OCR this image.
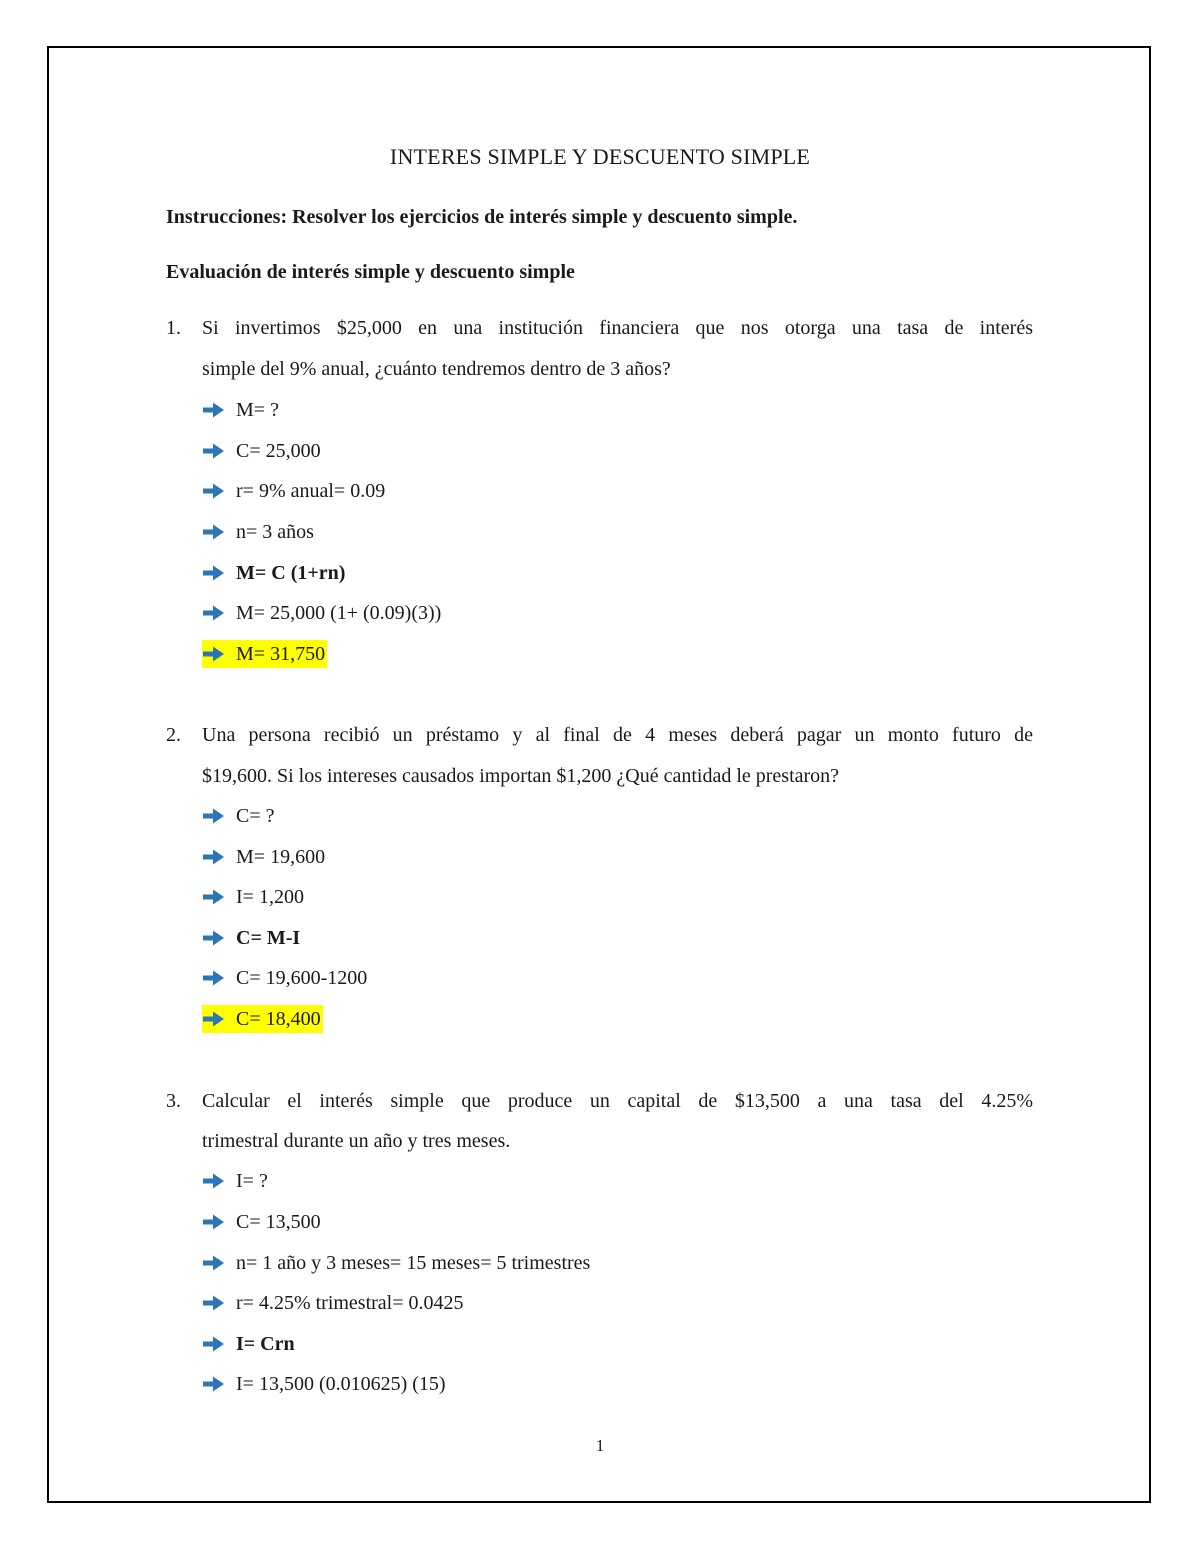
INTERES SIMPLE Y DESCUENTO SIMPLE
Instrucciones: Resolver los ejercicios de interés simple y descuento simple.
Evaluación de interés simple y descuento simple
1. Si invertimos $25,000 en una institución financiera que nos otorga una tasa de interés
simple del 9% anual, ¿cuánto tendremos dentro de 3 años?
M= ?
C= 25,000
r= 9% anual= 0.09
n= 3 años
M= C (1+rn)
M= 25,000 (1+ (0.09)(3))
M= 31,750
2. Una persona recibió un préstamo y al final de 4 meses deberá pagar un monto futuro de
$19,600. Si los intereses causados importan $1,200 ¿Qué cantidad le prestaron?
C= ?
M= 19,600
I= 1,200
C= M-I
C= 19,600-1200
C= 18,400
3. Calcular el interés simple que produce un capital de $13,500 a una tasa del 4.25%
trimestral durante un año y tres meses.
I= ?
C= 13,500
n= 1 año y 3 meses= 15 meses= 5 trimestres
r= 4.25% trimestral= 0.0425
I= Crn
I= 13,500 (0.010625) (15)
1
